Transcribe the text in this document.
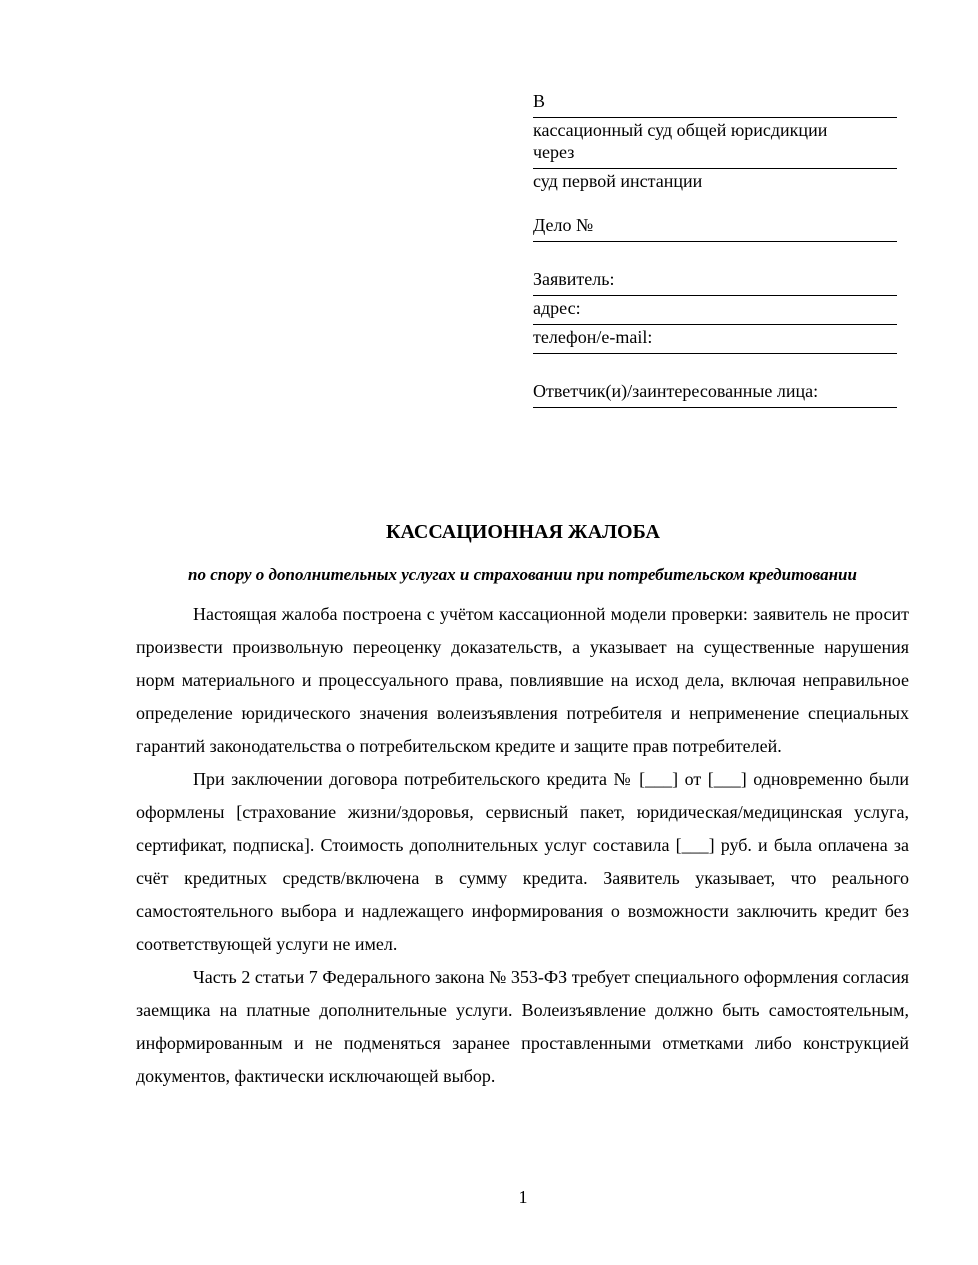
В

кассационный суд общей юрисдикции

через

суд первой инстанции

Дело №

Заявитель:

адрес:

телефон/e-mail:

Ответчик(и)/заинтересованные лица:

КАССАЦИОННАЯ ЖАЛОБА

по спору о дополнительных услугах и страховании при потребительском кредитовании

Настоящая жалоба построена с учётом кассационной модели проверки: заявитель не просит произвести произвольную переоценку доказательств, а указывает на существенные нарушения норм материального и процессуального права, повлиявшие на исход дела, включая неправильное определение юридического значения волеизъявления потребителя и неприменение специальных гарантий законодательства о потребительском кредите и защите прав потребителей.

При заключении договора потребительского кредита № [___] от [___] одновременно были оформлены [страхование жизни/здоровья, сервисный пакет, юридическая/медицинская услуга, сертификат, подписка]. Стоимость дополнительных услуг составила [___] руб. и была оплачена за счёт кредитных средств/включена в сумму кредита. Заявитель указывает, что реального самостоятельного выбора и надлежащего информирования о возможности заключить кредит без соответствующей услуги не имел.

Часть 2 статьи 7 Федерального закона № 353-ФЗ требует специального оформления согласия заемщика на платные дополнительные услуги. Волеизъявление должно быть самостоятельным, информированным и не подменяться заранее проставленными отметками либо конструкцией документов, фактически исключающей выбор.

1
